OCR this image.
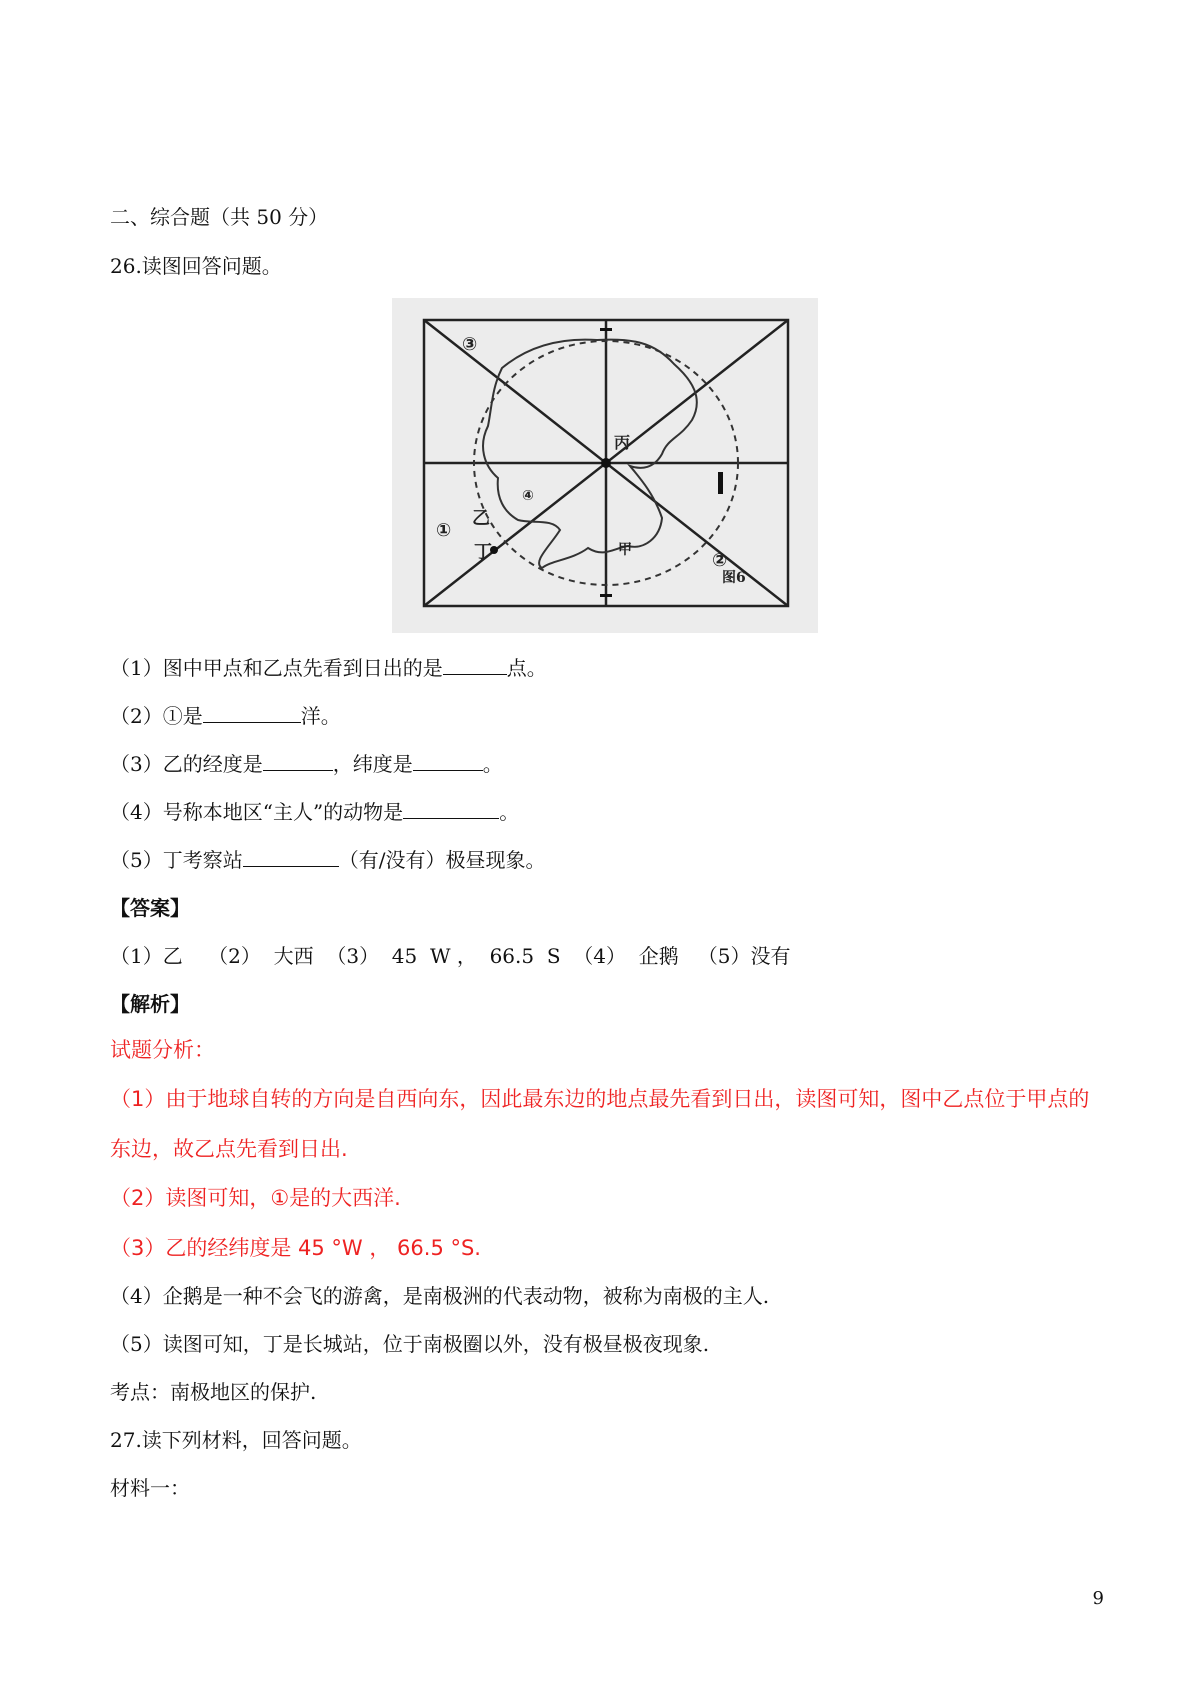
二、综合题（共 50 分）
26.读图回答问题。
③
①
②
④
丙
乙
丁	甲
图6
（1）图中甲点和乙点先看到日出的是	点。
（2）①是	洋。
（3）乙的经度是	，纬度是	。
（4）号称本地区“主人”的动物是	。
（5）丁考察站	（有/没有）极昼现象。
【答案】
（1）乙 （2）  大西 （3）  45  W ，  66.5  S （4）  企鹅 （5）没有
【解析】
试题分析：
（1）由于地球自转的方向是自西向东，因此最东边的地点最先看到日出，读图可知，图中乙点位于甲点的
东边，故乙点先看到日出.
（2）读图可知，①是的大西洋.
（3）乙的经纬度是 45 °W ， 66.5 °S.
（4）企鹅是一种不会飞的游禽，是南极洲的代表动物，被称为南极的主人.
（5）读图可知，丁是长城站，位于南极圈以外，没有极昼极夜现象.
考点：南极地区的保护.
27.读下列材料，回答问题。
材料一：
9
